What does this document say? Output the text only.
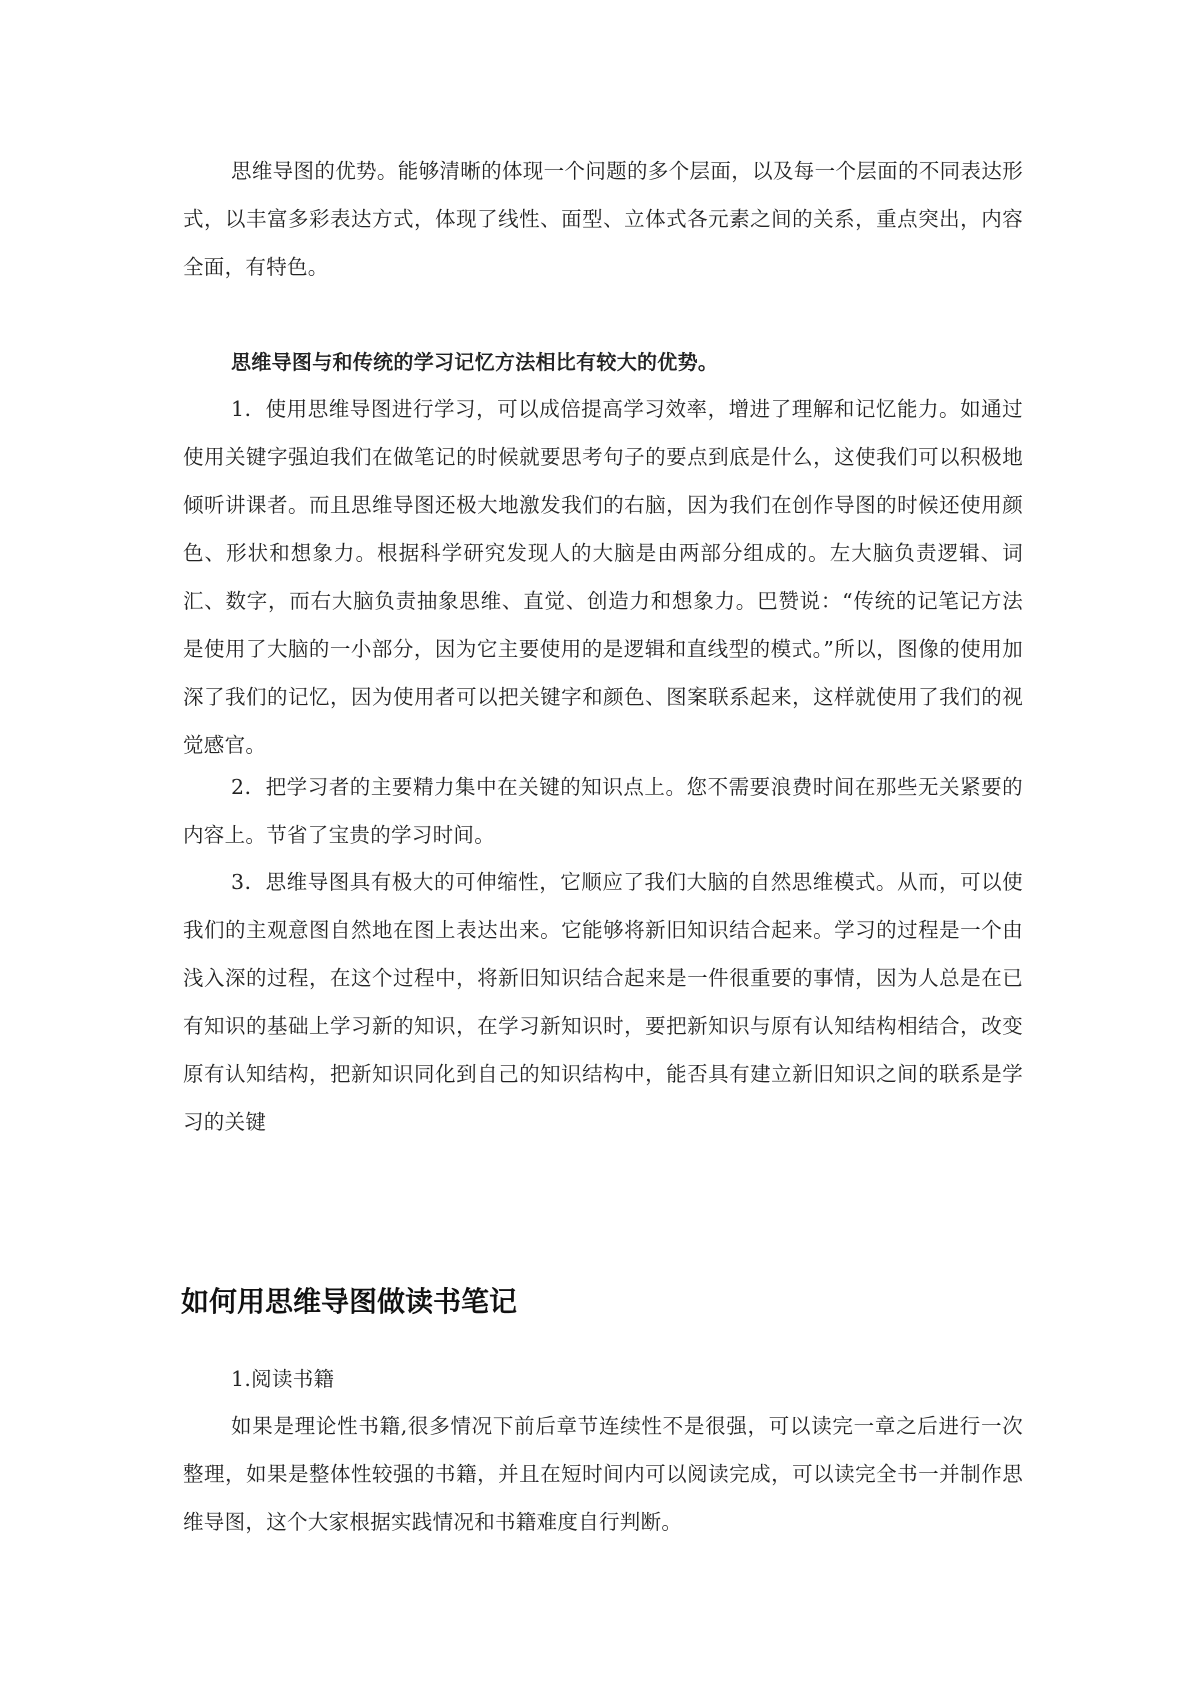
思维导图的优势。能够清晰的体现一个问题的多个层面，以及每一个层面的不同表达形式，以丰富多彩表达方式，体现了线性、面型、立体式各元素之间的关系，重点突出，内容全面，有特色。

思维导图与和传统的学习记忆方法相比有较大的优势。

1．使用思维导图进行学习，可以成倍提高学习效率，增进了理解和记忆能力。如通过使用关键字强迫我们在做笔记的时候就要思考句子的要点到底是什么，这使我们可以积极地倾听讲课者。而且思维导图还极大地激发我们的右脑，因为我们在创作导图的时候还使用颜色、形状和想象力。根据科学研究发现人的大脑是由两部分组成的。左大脑负责逻辑、词汇、数字，而右大脑负责抽象思维、直觉、创造力和想象力。巴赞说：“传统的记笔记方法是使用了大脑的一小部分，因为它主要使用的是逻辑和直线型的模式。”所以，图像的使用加深了我们的记忆，因为使用者可以把关键字和颜色、图案联系起来，这样就使用了我们的视觉感官。

2．把学习者的主要精力集中在关键的知识点上。您不需要浪费时间在那些无关紧要的内容上。节省了宝贵的学习时间。

3．思维导图具有极大的可伸缩性，它顺应了我们大脑的自然思维模式。从而，可以使我们的主观意图自然地在图上表达出来。它能够将新旧知识结合起来。学习的过程是一个由浅入深的过程，在这个过程中，将新旧知识结合起来是一件很重要的事情，因为人总是在已有知识的基础上学习新的知识，在学习新知识时，要把新知识与原有认知结构相结合，改变原有认知结构，把新知识同化到自己的知识结构中，能否具有建立新旧知识之间的联系是学习的关键

如何用思维导图做读书笔记

1.阅读书籍

如果是理论性书籍,很多情况下前后章节连续性不是很强，可以读完一章之后进行一次整理，如果是整体性较强的书籍，并且在短时间内可以阅读完成，可以读完全书一并制作思维导图，这个大家根据实践情况和书籍难度自行判断。
